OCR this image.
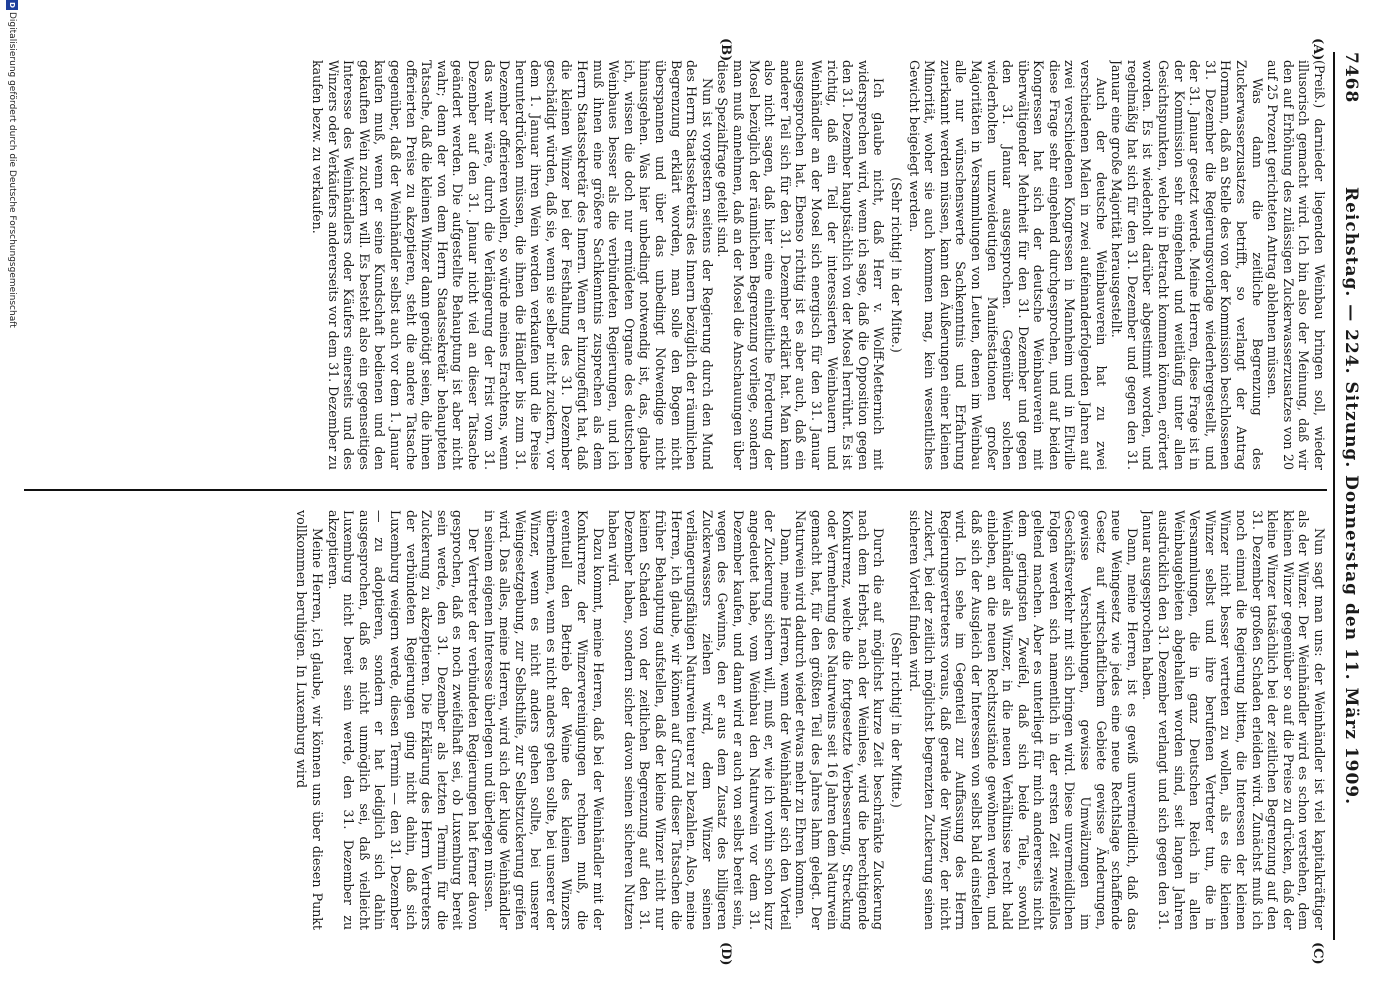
7468
Reichstag. — 224. Sitzung. Donnerstag den 11. März 1909.
(A)
(B)
(C)
(D)

(Preiß.) darnieder liegenden Weinbau bringen soll, wieder illusorisch gemacht wird. Ich bin also der Meinung, daß wir den auf Erhöhung des zulässigen Zuckerwasserzusatzes von 20 auf 25 Prozent gerichteten Antrag ablehnen müssen.

Was dann die zeitliche Begrenzung des Zuckerwasserzusatzes betrifft, so verlangt der Antrag Hormann, daß an Stelle des von der Kommission beschlossenen 31. Dezember die Regierungsvorlage wiederhergestellt, und der 31. Januar gesetzt werde. Meine Herren, diese Frage ist in der Kommission sehr eingehend und weitläufig unter allen Gesichtspunkten, welche in Betracht kommen können, erörtert worden. Es ist wiederholt darüber abgestimmt worden, und regelmäßig hat sich für den 31. Dezember und gegen den 31. Januar eine große Majorität herausgestellt.

Auch der deutsche Weinbauverein hat zu zwei verschiedenen Malen in zwei aufeinanderfolgenden Jahren auf zwei verschiedenen Kongressen in Mannheim und in Eltville diese Frage sehr eingehend durchgesprochen, und auf beiden Kongressen hat sich der deutsche Weinbauverein mit überwältigender Mehrheit für den 31. Dezember und gegen den 31. Januar ausgesprochen. Gegenüber solchen wiederholten unzweideutigen Manifestationen großer Majoritäten in Versammlungen von Leuten, denen im Weinbau alle nur wünschenswerte Sachkenntnis und Erfahrung zuerkannt werden müssen, kann den Äußerungen einer kleinen Minorität, woher sie auch kommen mag, kein wesentliches Gewicht beigelegt werden.

(Sehr richtig! in der Mitte.)

Ich glaube nicht, daß Herr v. Wolff-Metternich mit widersprechen wird, wenn ich sage, daß die Opposition gegen den 31. Dezember hauptsächlich von der Mosel herrührt. Es ist richtig, daß ein Teil der interessierten Weinbauern und Weinhändler an der Mosel sich energisch für den 31. Januar ausgesprochen hat. Ebenso richtig ist es aber auch, daß ein anderer Teil sich für den 31. Dezember erklärt hat. Man kann also nicht sagen, daß hier eine einheitliche Forderung der Mosel bezüglich der räumlichen Begrenzung vorliege, sondern man muß annehmen, daß an der Mosel die Anschauungen über diese Spezialfrage geteilt sind.

Nun ist vorgestern seitens der Regierung durch den Mund des Herrn Staatssekretärs des Innern bezüglich der räumlichen Begrenzung erklärt worden, man solle den Bogen nicht überspannen und über das unbedingt Notwendige nicht hinausgehen. Was hier unbedingt notwendig ist, das, glaube ich, wissen die doch nur ermüdeten Organe des deutschen Weinbaues besser als die verbündeten Regierungen, und ich muß ihnen eine größere Sachkenntnis zusprechen als dem Herrn Staatssekretär des Innern. Wenn er hinzugefügt hat, daß die kleinen Winzer bei der Festhaltung des 31. Dezember geschädigt würden, daß sie, wenn sie selber nicht zuckern, vor dem 1. Januar ihren Wein werden verkaufen und die Preise herunterdrücken müssen, die ihnen die Händler bis zum 31. Dezember offerieren wollen, so würde meines Erachtens, wenn das wahr wäre, durch die Verlängerung der Frist vom 31. Dezember auf den 31. Januar nicht viel an dieser Tatsache geändert werden. Die aufgestellte Behauptung ist aber nicht wahr; denn der von dem Herrn Staatssekretär behaupteten Tatsache, daß die kleinen Winzer dann genötigt seien, die ihnen offerierten Preise zu akzeptieren, steht die andere Tatsache gegenüber, daß der Weinhändler selbst auch vor dem 1. Januar kaufen muß, wenn er seine Kundschaft bedienen und den gekauften Wein zuckern will. Es besteht also ein gegenseitiges Interesse des Weinhändlers oder Käufers einerseits und des Winzers oder Verkäufers andererseits vor dem 31. Dezember zu kaufen bezw. zu verkaufen.

Nun sagt man uns: der Weinhändler ist viel kapitalkräftiger als der Winzer. Der Weinhändler wird es schon verstehen, dem kleinen Winzer gegenüber so auf die Preise zu drücken, daß der kleine Winzer tatsächlich bei der zeitlichen Begrenzung auf den 31. Dezember großen Schaden erleiden wird. Zunächst muß ich noch einmal die Regierung bitten, die Interessen der kleinen Winzer nicht besser vertreten zu wollen, als es die kleinen Winzer selbst und ihre berufenen Vertreter tun, die in Versammlungen, die in ganz Deutschen Reich in allen Weinbaugebieten abgehalten worden sind, seit langen Jahren ausdrücklich den 31. Dezember verlangt und sich gegen den 31. Januar ausgesprochen haben.

Dann, meine Herren, ist es gewiß unvermeidlich, daß das neue Weingesetz wie jedes eine neue Rechtslage schaffende Gesetz auf wirtschaftlichem Gebiete gewisse Änderungen, gewisse Verschiebungen, gewisse Umwälzungen im Geschäftsverkehr mit sich bringen wird. Diese unvermeidlichen Folgen werden sich namentlich in der ersten Zeit zweifellos geltend machen. Aber es unterliegt für mich andererseits nicht dem geringsten Zweifel, daß sich beide Teile, sowohl Weinhändler als Winzer, in die neuen Verhältnisse recht bald einleben, an die neuen Rechtszustände gewöhnen werden, und daß sich der Ausgleich der Interessen von selbst bald einstellen wird. Ich sehe im Gegenteil zur Auffassung des Herrn Regierungsvertreters voraus, daß gerade der Winzer, der nicht zuckert, bei der zeitlich möglichst begrenzten Zuckerung seinen sicheren Vorteil finden wird.

(Sehr richtig! in der Mitte.)

Durch die auf möglichst kurze Zeit beschränkte Zuckerung nach dem Herbst, nach der Weinlese, wird die berechtigende Konkurrenz, welche die fortgesetzte Verbesserung, Streckung oder Vermehrung des Naturweins seit 16 Jahren dem Naturwein gemacht hat, für den größten Teil des Jahres lahm gelegt. Der Naturwein wird dadurch wieder etwas mehr zu Ehren kommen.

Dann, meine Herren, wenn der Weinhändler sich den Vorteil der Zuckerung sichern will, muß er, wie ich vorhin schon kurz angedeutet habe, vom Weinbau den Naturwein vor dem 31. Dezember kaufen, und dann wird er auch von selbst bereit sein, wegen des Gewinns, den er aus dem Zusatz des billigeren Zuckerwassers ziehen wird, dem Winzer seinen verlängerungsfähigen Naturwein teurer zu bezahlen. Also, meine Herren, ich glaube, wir können auf Grund dieser Tatsachen die früher Behauptung aufstellen, daß der kleine Winzer nicht nur keinen Schaden von der zeitlichen Begrenzung auf den 31. Dezember haben, sondern sicher davon seinen sicheren Nutzen haben wird.

Dazu kommt, meine Herren, daß bei der Weinhändler mit der Konkurrenz der Winzervereinigungen rechnen muß, die eventuell den Betrieb der Weine des kleinen Winzers übernehmen, wenn es nicht anders gehen sollte, bei unserer der Winzer, wenn es nicht anders gehen sollte, bei unserer Weingesetzgebung, zur Selbsthilfe, zur Selbstzuckerung greifen wird. Das alles, meine Herren, wird sich der kluge Weinhändler in seinem eigenen Interesse überlegen und überlegen müssen.

Der Vertreter der verbündeten Regierungen hat ferner davon gesprochen, daß es noch zweifelhaft sei, ob Luxemburg bereit sein werde, den 31. Dezember als letzten Termin für die Zuckerung zu akzeptieren. Die Erklärung des Herrn Vertreters der verbündeten Regierungen ging nicht dahin, daß sich Luxemburg weigern werde, diesen Termin — den 31. Dezember — zu adoptieren, sondern er hat lediglich sich dahin ausgesprochen, daß es nicht unmöglich sei, daß vielleicht Luxemburg nicht bereit sein werde, den 31. Dezember zu akzeptieren.

Meine Herren, ich glaube, wir können uns über diesen Punkt vollkommen beruhigen. In Luxemburg wird

D
Digitalisierung gefördert durch die Deutsche Forschungsgemeinschaft
